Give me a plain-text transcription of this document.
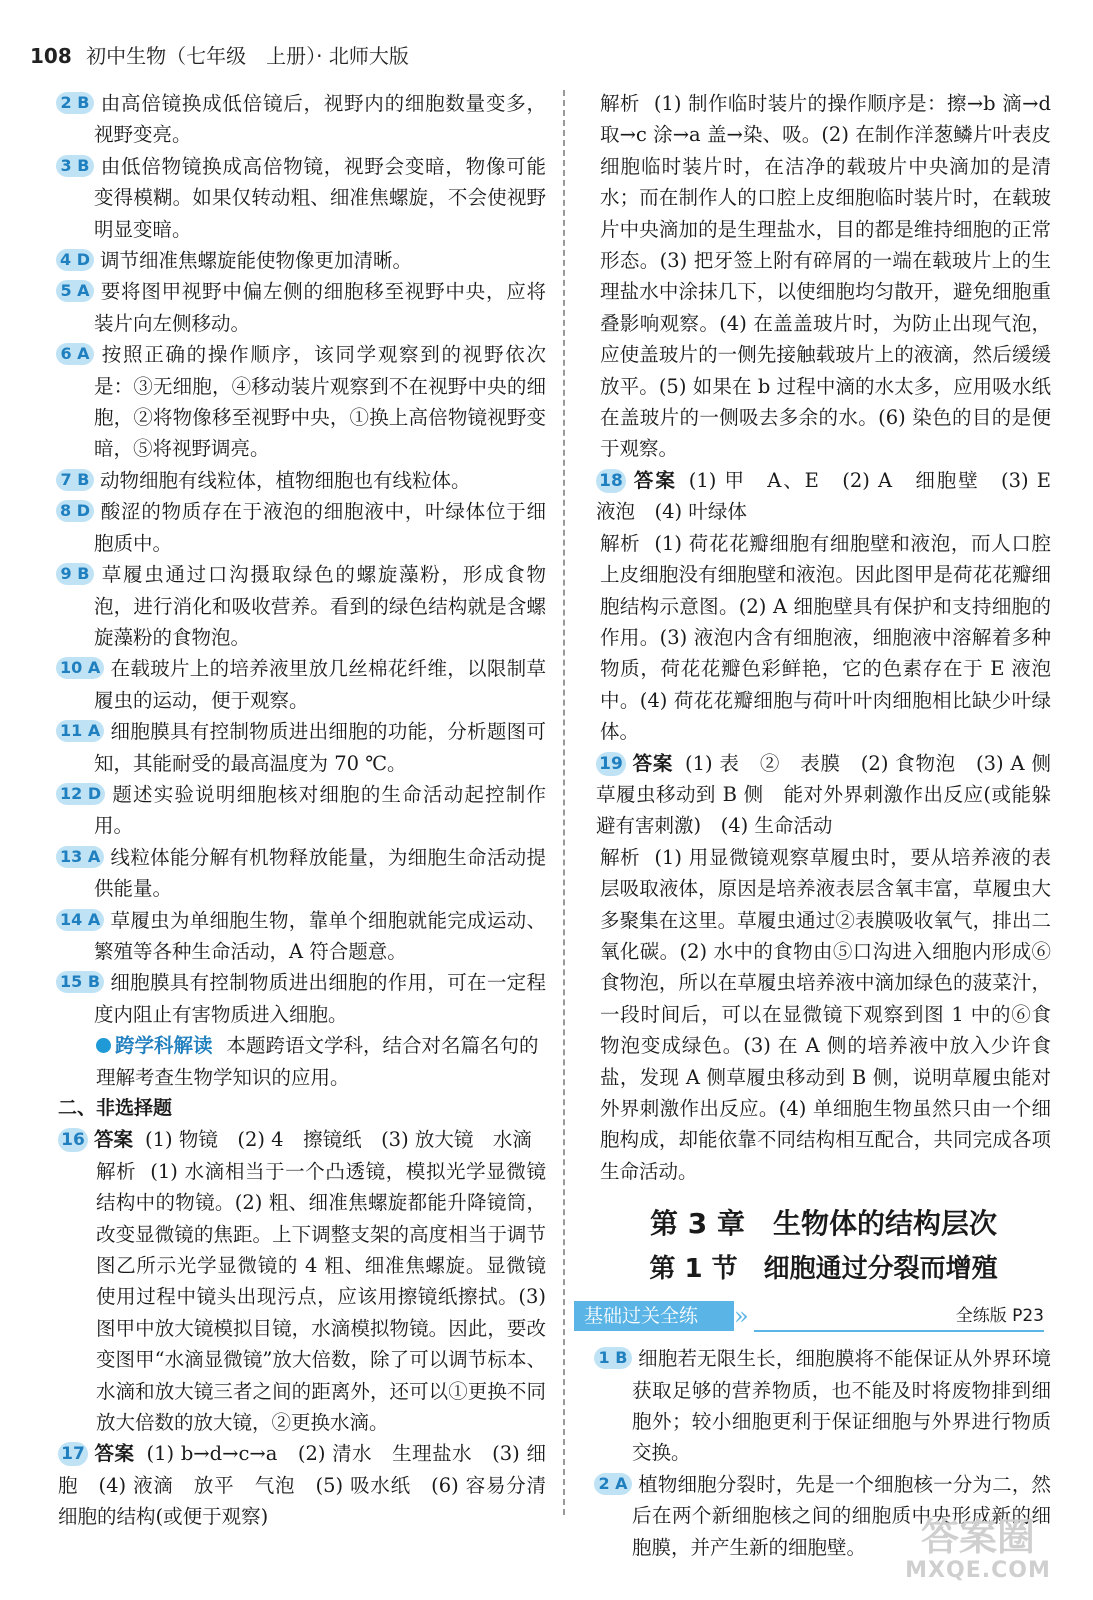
108 初中生物（七年级　上册）· 北师大版
2 B 由高倍镜换成低倍镜后，视野内的细胞数量变多，视野变亮。
3 B 由低倍物镜换成高倍物镜，视野会变暗，物像可能变得模糊。如果仅转动粗、细准焦螺旋，不会使视野明显变暗。
4 D 调节细准焦螺旋能使物像更加清晰。
5 A 要将图甲视野中偏左侧的细胞移至视野中央，应将装片向左侧移动。
6 A 按照正确的操作顺序，该同学观察到的视野依次是：③无细胞，④移动装片观察到不在视野中央的细胞，②将物像移至视野中央，①换上高倍物镜视野变暗，⑤将视野调亮。
7 B 动物细胞有线粒体，植物细胞也有线粒体。
8 D 酸涩的物质存在于液泡的细胞液中，叶绿体位于细胞质中。
9 B 草履虫通过口沟摄取绿色的螺旋藻粉，形成食物泡，进行消化和吸收营养。看到的绿色结构就是含螺旋藻粉的食物泡。
10 A 在载玻片上的培养液里放几丝棉花纤维，以限制草履虫的运动，便于观察。
11 A 细胞膜具有控制物质进出细胞的功能，分析题图可知，其能耐受的最高温度为 70 ℃。
12 D 题述实验说明细胞核对细胞的生命活动起控制作用。
13 A 线粒体能分解有机物释放能量，为细胞生命活动提供能量。
14 A 草履虫为单细胞生物，靠单个细胞就能完成运动、繁殖等各种生命活动，A 符合题意。
15 B 细胞膜具有控制物质进出细胞的作用，可在一定程度内阻止有害物质进入细胞。
跨学科解读 本题跨语文学科，结合对名篇名句的理解考查生物学知识的应用。
二、非选择题
16 答案 (1) 物镜　(2) 4　擦镜纸　(3) 放大镜　水滴
解析 (1) 水滴相当于一个凸透镜，模拟光学显微镜结构中的物镜。(2) 粗、细准焦螺旋都能升降镜筒，改变显微镜的焦距。上下调整支架的高度相当于调节图乙所示光学显微镜的 4 粗、细准焦螺旋。显微镜使用过程中镜头出现污点，应该用擦镜纸擦拭。(3) 图甲中放大镜模拟目镜，水滴模拟物镜。因此，要改变图甲“水滴显微镜”放大倍数，除了可以调节标本、水滴和放大镜三者之间的距离外，还可以①更换不同放大倍数的放大镜，②更换水滴。
17 答案 (1) b→d→c→a　(2) 清水　生理盐水　(3) 细胞　(4) 液滴　放平　气泡　(5) 吸水纸　(6) 容易分清细胞的结构(或便于观察)
解析 (1) 制作临时装片的操作顺序是：擦→b 滴→d 取→c 涂→a 盖→染、吸。(2) 在制作洋葱鳞片叶表皮细胞临时装片时，在洁净的载玻片中央滴加的是清水；而在制作人的口腔上皮细胞临时装片时，在载玻片中央滴加的是生理盐水，目的都是维持细胞的正常形态。(3) 把牙签上附有碎屑的一端在载玻片上的生理盐水中涂抹几下，以使细胞均匀散开，避免细胞重叠影响观察。(4) 在盖盖玻片时，为防止出现气泡，应使盖玻片的一侧先接触载玻片上的液滴，然后缓缓放平。(5) 如果在 b 过程中滴的水太多，应用吸水纸在盖玻片的一侧吸去多余的水。(6) 染色的目的是便于观察。
18 答案 (1) 甲　A、E　(2) A　细胞壁　(3) E　液泡　(4) 叶绿体
解析 (1) 荷花花瓣细胞有细胞壁和液泡，而人口腔上皮细胞没有细胞壁和液泡。因此图甲是荷花花瓣细胞结构示意图。(2) A 细胞壁具有保护和支持细胞的作用。(3) 液泡内含有细胞液，细胞液中溶解着多种物质，荷花花瓣色彩鲜艳，它的色素存在于 E 液泡中。(4) 荷花花瓣细胞与荷叶叶肉细胞相比缺少叶绿体。
19 答案 (1) 表　②　表膜　(2) 食物泡　(3) A 侧草履虫移动到 B 侧　能对外界刺激作出反应(或能躲避有害刺激)　(4) 生命活动
解析 (1) 用显微镜观察草履虫时，要从培养液的表层吸取液体，原因是培养液表层含氧丰富，草履虫大多聚集在这里。草履虫通过②表膜吸收氧气，排出二氧化碳。(2) 水中的食物由⑤口沟进入细胞内形成⑥食物泡，所以在草履虫培养液中滴加绿色的菠菜汁，一段时间后，可以在显微镜下观察到图 1 中的⑥食物泡变成绿色。(3) 在 A 侧的培养液中放入少许食盐，发现 A 侧草履虫移动到 B 侧，说明草履虫能对外界刺激作出反应。(4) 单细胞生物虽然只由一个细胞构成，却能依靠不同结构相互配合，共同完成各项生命活动。
第 3 章　生物体的结构层次
第 1 节　细胞通过分裂而增殖
基础过关全练	»	全练版 P23
1 B 细胞若无限生长，细胞膜将不能保证从外界环境获取足够的营养物质，也不能及时将废物排到细胞外；较小细胞更利于保证细胞与外界进行物质交换。
2 A 植物细胞分裂时，先是一个细胞核一分为二，然后在两个新细胞核之间的细胞质中央形成新的细胞膜，并产生新的细胞壁。	答案圈
MXQE.COM
